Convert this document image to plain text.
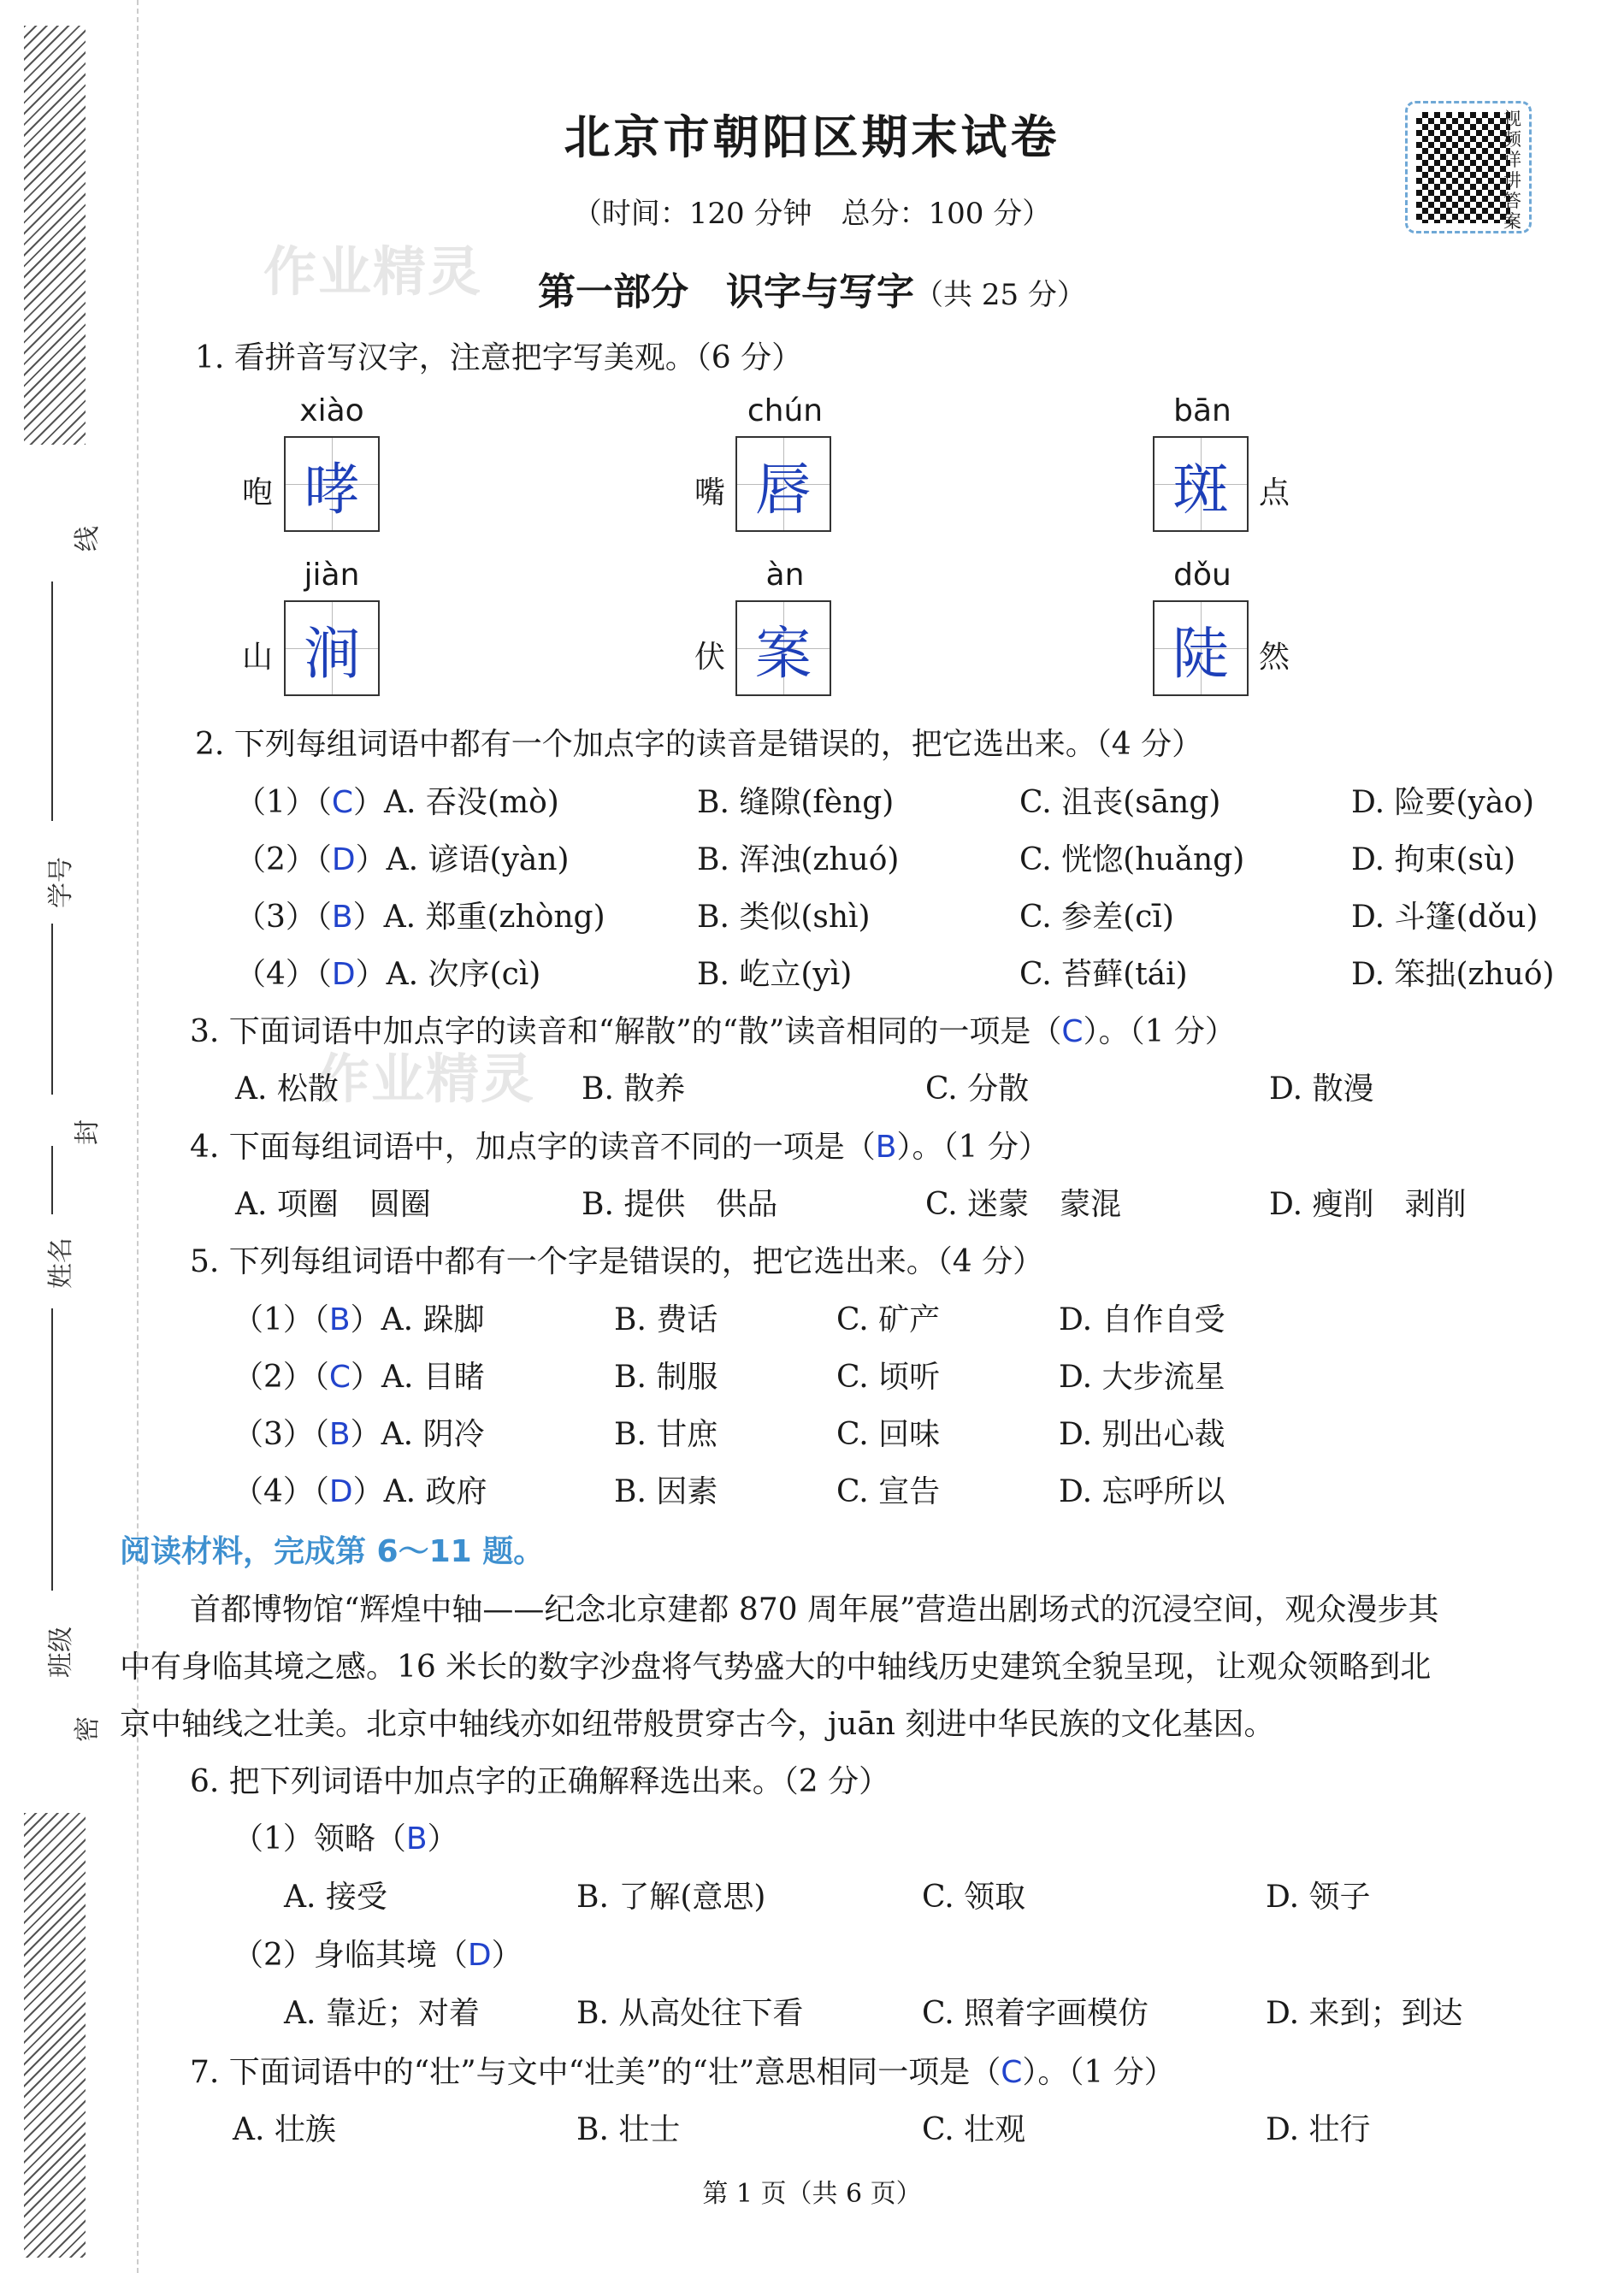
线
学号
封
姓名
班级
密
北京市朝阳区期末试卷
（时间：120 分钟　总分：100 分）
作业精灵
视频详讲答案
第一部分　识字与写字（共 25 分）
1. 看拼音写汉字，注意把字写美观。（6 分）
xiào
咆 哮
chún
嘴 唇
bān
斑 点
jiàn
山 涧
àn
伏 案
dǒu
陡 然
2. 下列每组词语中都有一个加点字的读音是错误的，把它选出来。（4 分）
（1）（C）A. 吞没(mò)	B. 缝隙(fèng)	C. 沮丧(sāng)	D. 险要(yào)
（2）（D）A. 谚语(yàn)	B. 浑浊(zhuó)	C. 恍惚(huǎng)	D. 拘束(sù)
（3）（B）A. 郑重(zhòng)	B. 类似(shì)	C. 参差(cī)	D. 斗篷(dǒu)
（4）（D）A. 次序(cì)	B. 屹立(yì)	C. 苔藓(tái)	D. 笨拙(zhuó)
3. 下面词语中加点字的读音和“解散”的“散”读音相同的一项是（C）。（1 分）
作业精灵
A. 松散	B. 散养	C. 分散	D. 散漫
4. 下面每组词语中，加点字的读音不同的一项是（B）。（1 分）
A. 项圈　圆圈	B. 提供　供品	C. 迷蒙　蒙混	D. 瘦削　剥削
5. 下列每组词语中都有一个字是错误的，把它选出来。（4 分）
（1）（B）A. 跺脚	B. 费话	C. 矿产	D. 自作自受
（2）（C）A. 目睹	B. 制服	C. 顷听	D. 大步流星
（3）（B）A. 阴冷	B. 甘庶	C. 回味	D. 别出心裁
（4）（D）A. 政府	B. 因素	C. 宣告	D. 忘呼所以
阅读材料，完成第 6～11 题。
首都博物馆“辉煌中轴——纪念北京建都 870 周年展”营造出剧场式的沉浸空间，观众漫步其
中有身临其境之感。16 米长的数字沙盘将气势盛大的中轴线历史建筑全貌呈现，让观众领略到北
京中轴线之壮美。北京中轴线亦如纽带般贯穿古今，juān 刻进中华民族的文化基因。
6. 把下列词语中加点字的正确解释选出来。（2 分）
（1）领略（B）
A. 接受	B. 了解(意思)	C. 领取	D. 领子
（2）身临其境（D）
A. 靠近；对着	B. 从高处往下看	C. 照着字画模仿	D. 来到；到达
7. 下面词语中的“壮”与文中“壮美”的“壮”意思相同一项是（C）。（1 分）
A. 壮族	B. 壮士	C. 壮观	D. 壮行
第 1 页（共 6 页）
